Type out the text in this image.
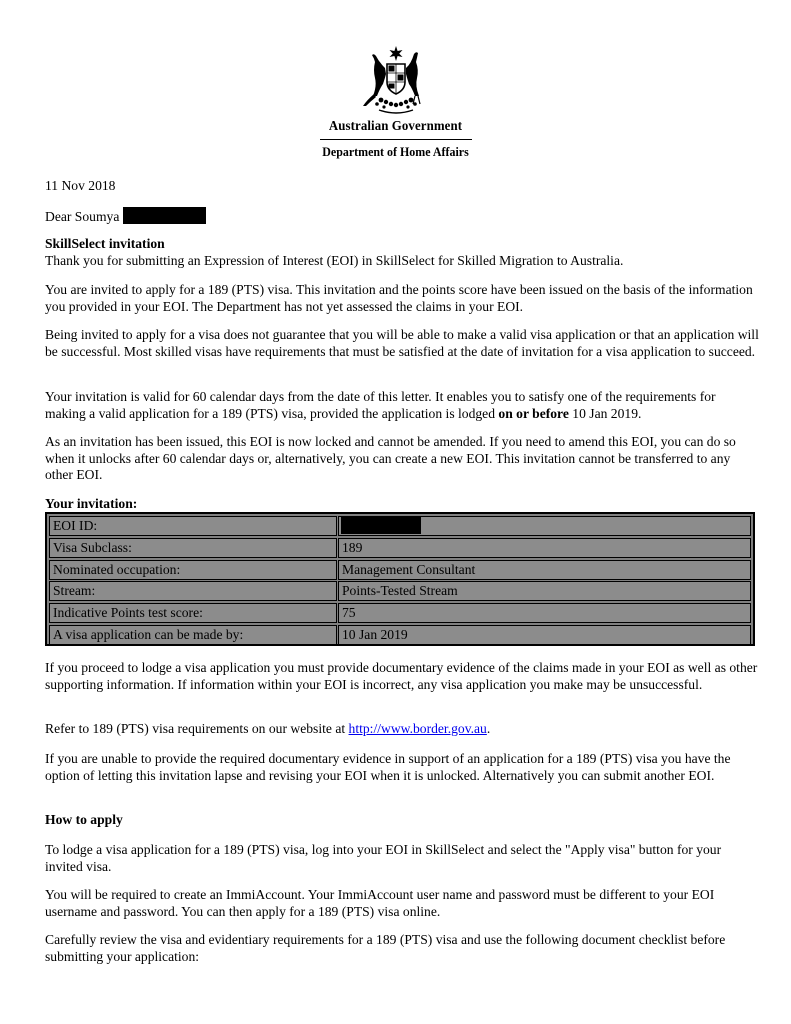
Australian Government
Department of Home Affairs

11 Nov 2018

Dear Soumya

SkillSelect invitation

Thank you for submitting an Expression of Interest (EOI) in SkillSelect for Skilled Migration to Australia.

You are invited to apply for a 189 (PTS) visa. This invitation and the points score have been issued on the basis of the information you provided in your EOI. The Department has not yet assessed the claims in your EOI.

Being invited to apply for a visa does not guarantee that you will be able to make a valid visa application or that an application will be successful. Most skilled visas have requirements that must be satisfied at the date of invitation for a visa application to succeed.

Your invitation is valid for 60 calendar days from the date of this letter. It enables you to satisfy one of the requirements for making a valid application for a 189 (PTS) visa, provided the application is lodged on or before 10 Jan 2019.

As an invitation has been issued, this EOI is now locked and cannot be amended. If you need to amend this EOI, you can do so when it unlocks after 60 calendar days or, alternatively, you can create a new EOI. This invitation cannot be transferred to any other EOI.

Your invitation:

EOI ID:
Visa Subclass:	189
Nominated occupation:	Management Consultant
Stream:	Points-Tested Stream
Indicative Points test score:	75
A visa application can be made by:	10 Jan 2019

If you proceed to lodge a visa application you must provide documentary evidence of the claims made in your EOI as well as other supporting information. If information within your EOI is incorrect, any visa application you make may be unsuccessful.

Refer to 189 (PTS) visa requirements on our website at http://www.border.gov.au.

If you are unable to provide the required documentary evidence in support of an application for a 189 (PTS) visa you have the option of letting this invitation lapse and revising your EOI when it is unlocked. Alternatively you can submit another EOI.

How to apply

To lodge a visa application for a 189 (PTS) visa, log into your EOI in SkillSelect and select the "Apply visa" button for your invited visa.

You will be required to create an ImmiAccount. Your ImmiAccount user name and password must be different to your EOI username and password. You can then apply for a 189 (PTS) visa online.

Carefully review the visa and evidentiary requirements for a 189 (PTS) visa and use the following document checklist before submitting your application:
